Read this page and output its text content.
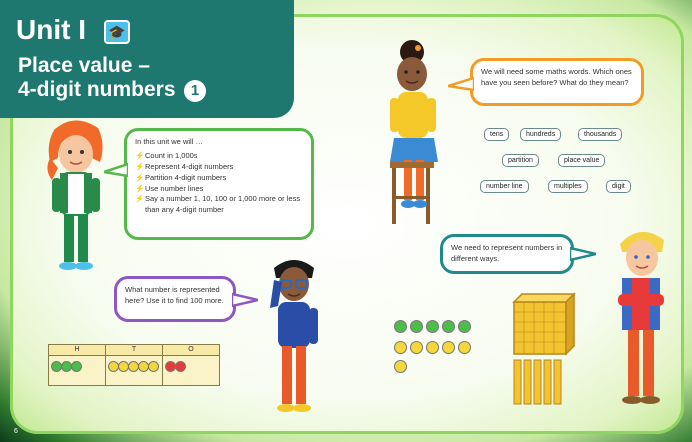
Unit I	🎓
Place value –
4-digit numbers	1
In this unit we will …
⚡ Count in 1,000s
⚡ Represent 4-digit numbers
⚡ Partition 4-digit numbers
⚡ Use number lines
⚡ Say a number 1, 10, 100 or 1,000 more or less than any 4-digit number
We will need some maths words. Which ones have you seen before? What do they mean?
tens	hundreds	thousands
partition	place value
number line	multiples	digit
What number is represented here? Use it to find 100 more.
H	T	O
We need to represent numbers in different ways.
6
